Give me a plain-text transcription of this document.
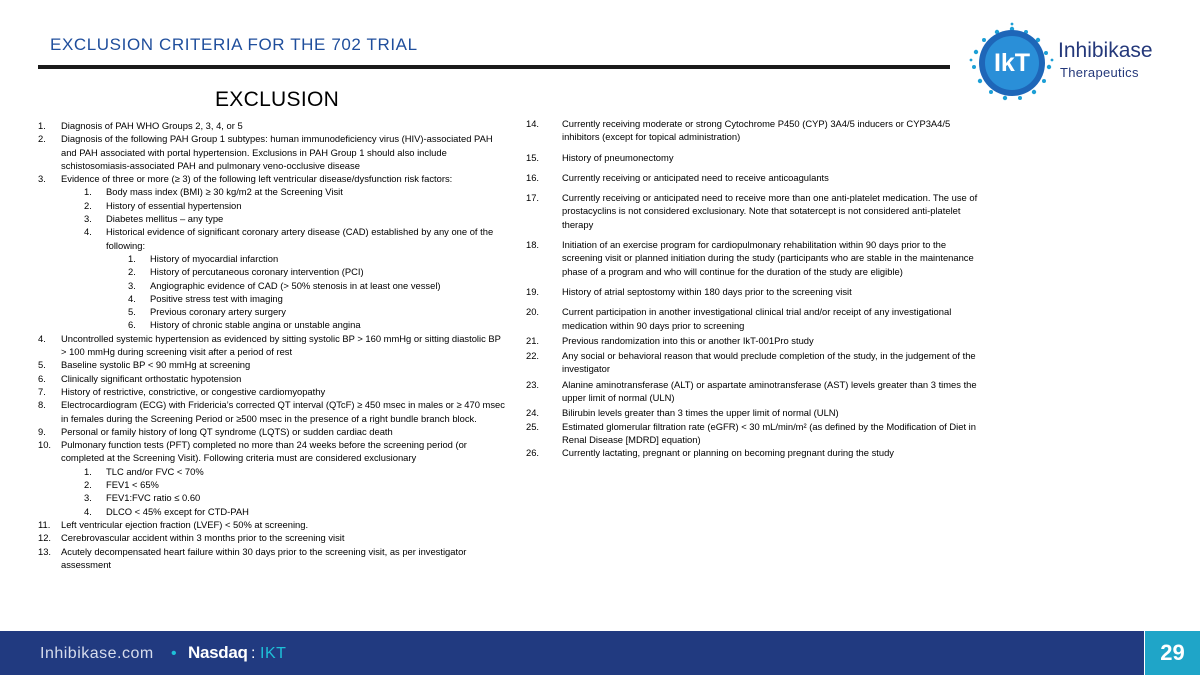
EXCLUSION CRITERIA FOR THE 702 TRIAL
IkT Inhibikase
Therapeutics
EXCLUSION
1.	Diagnosis of PAH WHO Groups 2, 3, 4, or 5
2.	Diagnosis of the following PAH Group 1 subtypes: human immunodeficiency virus (HIV)-associated PAH and PAH associated with portal hypertension. Exclusions in PAH Group 1 should also include schistosomiasis-associated PAH and pulmonary veno-occlusive disease
3.	Evidence of three or more (≥ 3) of the following left ventricular disease/dysfunction risk factors:
1.	Body mass index (BMI) ≥ 30 kg/m2 at the Screening Visit
2.	History of essential hypertension
3.	Diabetes mellitus – any type
4.	Historical evidence of significant coronary artery disease (CAD) established by any one of the following:
1.	History of myocardial infarction
2.	History of percutaneous coronary intervention (PCI)
3.	Angiographic evidence of CAD (> 50% stenosis in at least one vessel)
4.	Positive stress test with imaging
5.	Previous coronary artery surgery
6.	History of chronic stable angina or unstable angina
4.	Uncontrolled systemic hypertension as evidenced by sitting systolic BP > 160 mmHg or sitting diastolic BP > 100 mmHg during screening visit after a period of rest
5.	Baseline systolic BP < 90 mmHg at screening
6.	Clinically significant orthostatic hypotension
7.	History of restrictive, constrictive, or congestive cardiomyopathy
8.	Electrocardiogram (ECG) with Fridericia’s corrected QT interval (QTcF) ≥ 450 msec in males or ≥ 470 msec in females during the Screening Period or ≥500 msec in the presence of a right bundle branch block.
9.	Personal or family history of long QT syndrome (LQTS) or sudden cardiac death
10.	Pulmonary function tests (PFT) completed no more than 24 weeks before the screening period (or completed at the Screening Visit). Following criteria must are considered exclusionary
1.	TLC and/or FVC < 70%
2.	FEV1 < 65%
3.	FEV1:FVC ratio ≤ 0.60
4.	DLCO < 45% except for CTD-PAH
11.	Left ventricular ejection fraction (LVEF) < 50% at screening.
12.	Cerebrovascular accident within 3 months prior to the screening visit
13.	Acutely decompensated heart failure within 30 days prior to the screening visit, as per investigator assessment
14.	Currently receiving moderate or strong Cytochrome P450 (CYP) 3A4/5 inducers or CYP3A4/5 inhibitors (except for topical administration)
15.	History of pneumonectomy
16.	Currently receiving or anticipated need to receive anticoagulants
17.	Currently receiving or anticipated need to receive more than one anti-platelet medication. The use of prostacyclins is not considered exclusionary. Note that sotatercept is not considered anti-platelet therapy
18.	Initiation of an exercise program for cardiopulmonary rehabilitation within 90 days prior to the screening visit or planned initiation during the study (participants who are stable in the maintenance phase of a program and who will continue for the duration of the study are eligible)
19.	History of atrial septostomy within 180 days prior to the screening visit
20.	Current participation in another investigational clinical trial and/or receipt of any investigational medication within 90 days prior to screening
21.	Previous randomization into this or another IkT-001Pro study
22.	Any social or behavioral reason that would preclude completion of the study, in the judgement of the investigator
23.	Alanine aminotransferase (ALT) or aspartate aminotransferase (AST) levels greater than 3 times the upper limit of normal (ULN)
24.	Bilirubin levels greater than 3 times the upper limit of normal (ULN)
25.	Estimated glomerular filtration rate (eGFR) < 30 mL/min/m² (as defined by the Modification of Diet in Renal Disease [MDRD] equation)
26.	Currently lactating, pregnant or planning on becoming pregnant during the study
Inhibikase.com • Nasdaq : IKT	29
